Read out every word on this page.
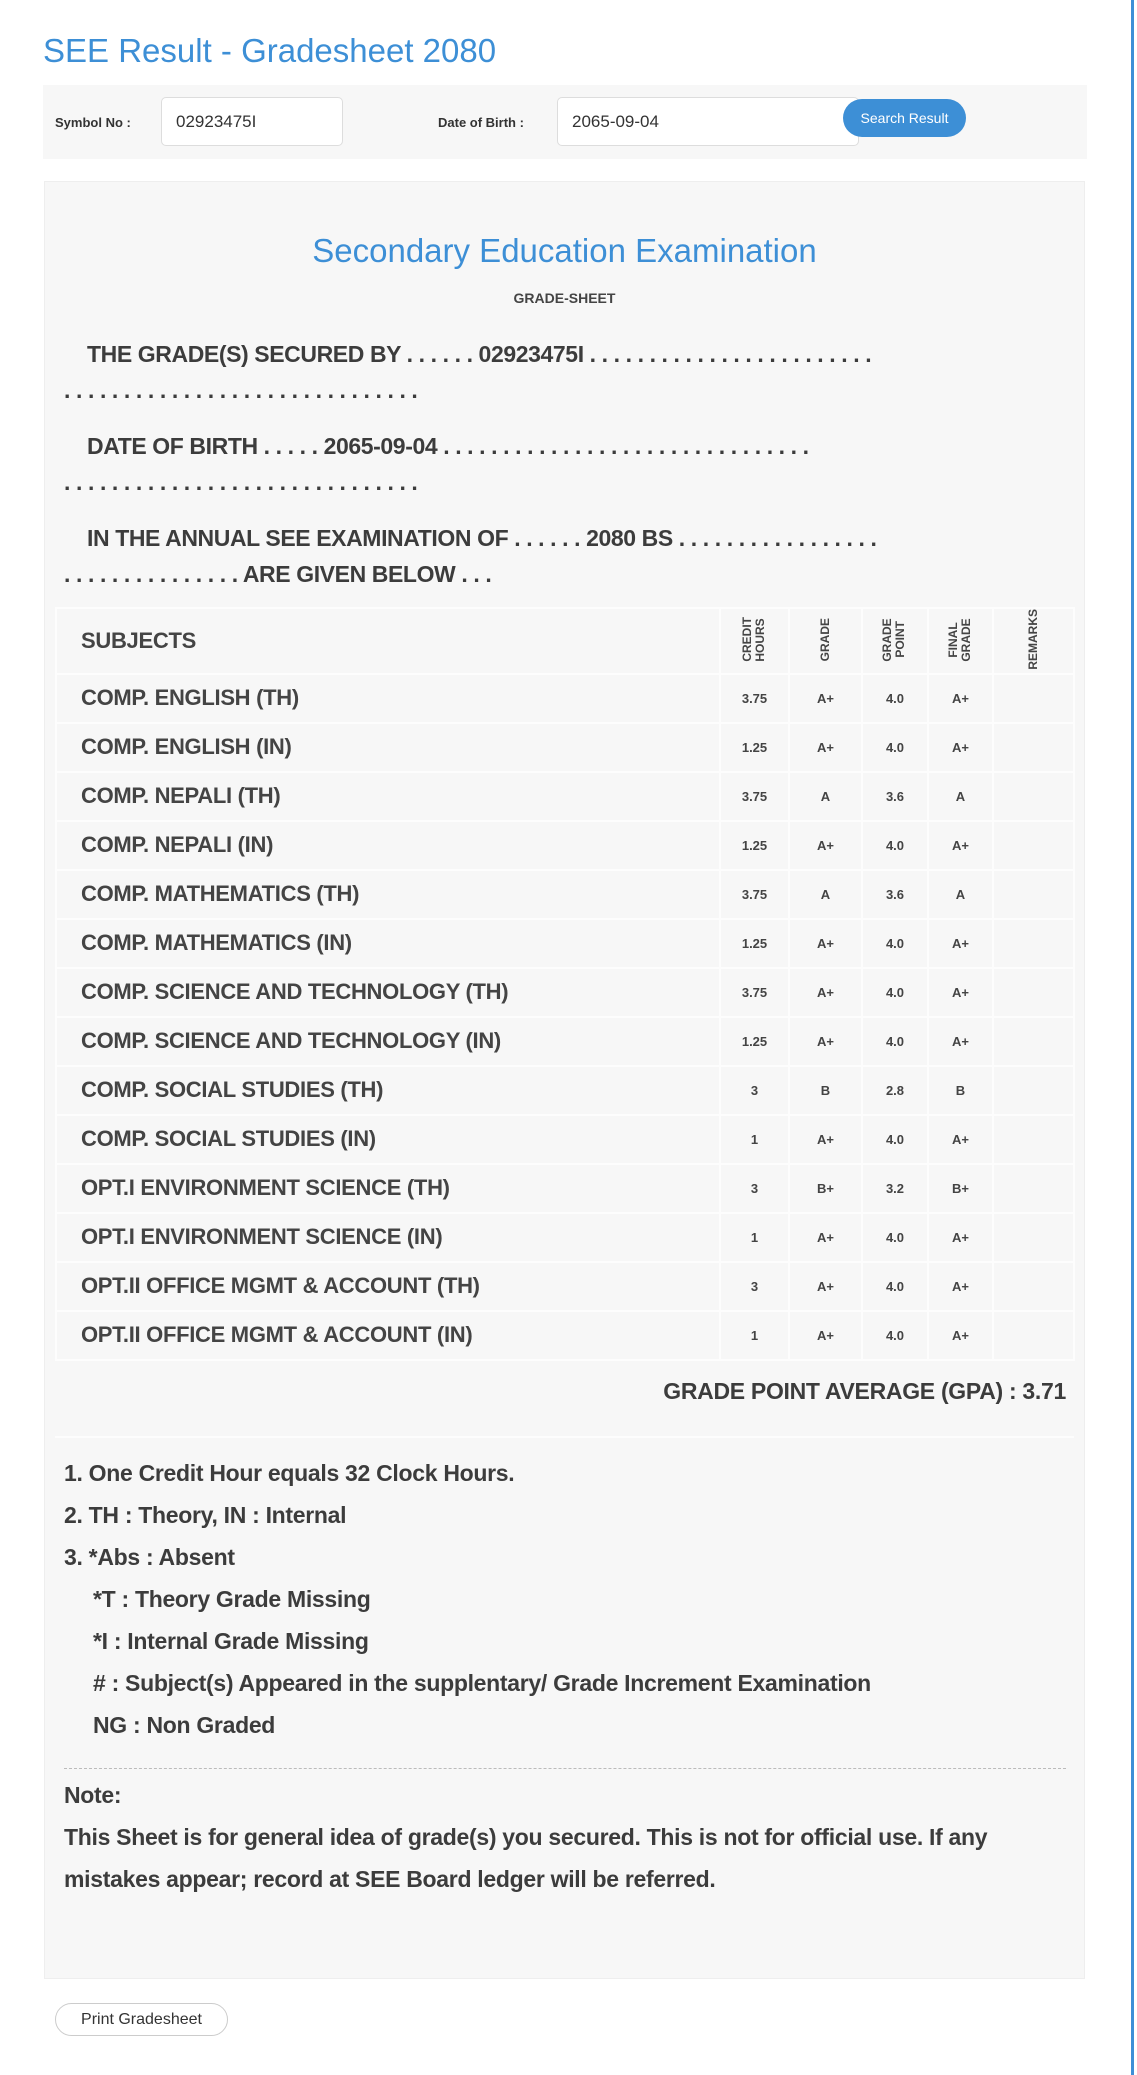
SEE Result - Gradesheet 2080
Symbol No :
02923475I	Date of Birth :
2065-09-04	Search Result
Secondary Education Examination
GRADE-SHEET
THE GRADE(S) SECURED BY . . . . . . 02923475I . . . . . . . . . . . . . . . . . . . . . . . .
. . . . . . . . . . . . . . . . . . . . . . . . . . . . . .
DATE OF BIRTH . . . . . 2065-09-04 . . . . . . . . . . . . . . . . . . . . . . . . . . . . . . .
. . . . . . . . . . . . . . . . . . . . . . . . . . . . . .
IN THE ANNUAL SEE EXAMINATION OF . . . . . . 2080 BS . . . . . . . . . . . . . . . . .
. . . . . . . . . . . . . . . ARE GIVEN BELOW . . .
SUBJECTS	CREDIT HOURS	GRADE	GRADE POINT	FINAL GRADE	REMARKS
COMP. ENGLISH (TH)	3.75	A+	4.0	A+	
COMP. ENGLISH (IN)	1.25	A+	4.0	A+	
COMP. NEPALI (TH)	3.75	A	3.6	A	
COMP. NEPALI (IN)	1.25	A+	4.0	A+	
COMP. MATHEMATICS (TH)	3.75	A	3.6	A	
COMP. MATHEMATICS (IN)	1.25	A+	4.0	A+	
COMP. SCIENCE AND TECHNOLOGY (TH)	3.75	A+	4.0	A+	
COMP. SCIENCE AND TECHNOLOGY (IN)	1.25	A+	4.0	A+	
COMP. SOCIAL STUDIES (TH)	3	B	2.8	B	
COMP. SOCIAL STUDIES (IN)	1	A+	4.0	A+	
OPT.I ENVIRONMENT SCIENCE (TH)	3	B+	3.2	B+	
OPT.I ENVIRONMENT SCIENCE (IN)	1	A+	4.0	A+	
OPT.II OFFICE MGMT & ACCOUNT (TH)	3	A+	4.0	A+	
OPT.II OFFICE MGMT & ACCOUNT (IN)	1	A+	4.0	A+	
GRADE POINT AVERAGE (GPA) : 3.71
1. One Credit Hour equals 32 Clock Hours.
2. TH : Theory, IN : Internal
3. *Abs : Absent
*T : Theory Grade Missing
*I : Internal Grade Missing
# : Subject(s) Appeared in the supplentary/ Grade Increment Examination
NG : Non Graded
Note:
This Sheet is for general idea of grade(s) you secured. This is not for official use. If any mistakes appear; record at SEE Board ledger will be referred.
Print Gradesheet
